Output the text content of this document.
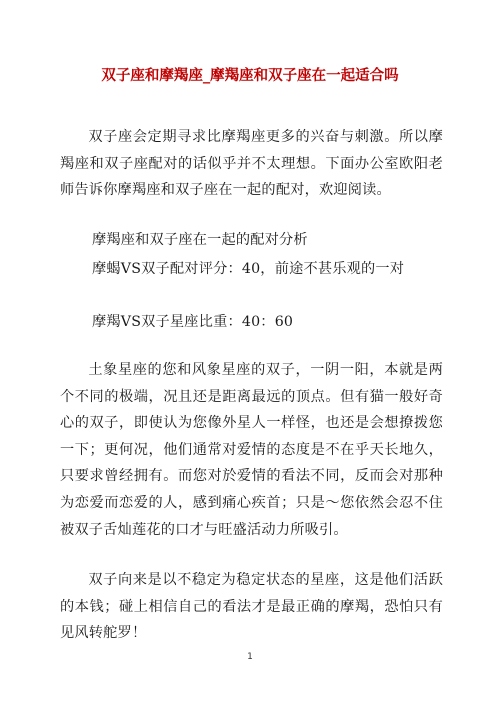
双子座和摩羯座_摩羯座和双子座在一起适合吗

双子座会定期寻求比摩羯座更多的兴奋与刺激。所以摩羯座和双子座配对的话似乎并不太理想。下面办公室欧阳老师告诉你摩羯座和双子座在一起的配对，欢迎阅读。

摩羯座和双子座在一起的配对分析

摩蝎VS双子配对评分：40，前途不甚乐观的一对

摩羯VS双子星座比重：40：60

土象星座的您和风象星座的双子，一阴一阳，本就是两个不同的极端，况且还是距离最远的顶点。但有猫一般好奇心的双子，即使认为您像外星人一样怪，也还是会想撩拨您一下；更何况，他们通常对爱情的态度是不在乎天长地久，只要求曾经拥有。而您对於爱情的看法不同，反而会对那种为恋爱而恋爱的人，感到痛心疾首；只是～您依然会忍不住被双子舌灿莲花的口才与旺盛活动力所吸引。

双子向来是以不稳定为稳定状态的星座，这是他们活跃的本钱；碰上相信自己的看法才是最正确的摩羯，恐怕只有见风转舵罗！

1
